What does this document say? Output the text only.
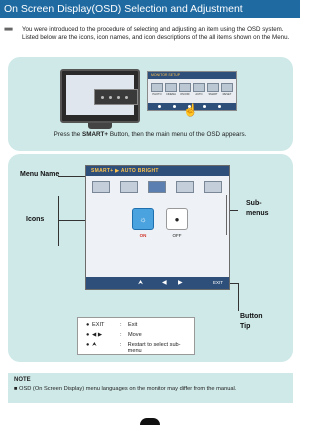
On Screen Display(OSD) Selection and Adjustment
■■■ You were introduced to the procedure of selecting and adjusting an item using the OSD system. Listed below are the icons, icon names, and icon descriptions of the all items shown on the Menu.
MONITOR SETUP
PHOTO	CINEMA	ON/OFF	AUTO	SMART	RESET
☝
Press the SMART+ Button, then the main menu of the OSD appears.
SMART+ ▶ AUTO BRIGHT
☼	●
ON	OFF
⮝	◀ ▶	EXIT
Menu Name
Icons
Sub-
menus
Button
Tip
● EXIT	:	Exit
● ◀ ▶	:	Move
● ⮝	:	Restart to select sub-menu
NOTE
■ OSD (On Screen Display) menu languages on the monitor may differ from the manual.
